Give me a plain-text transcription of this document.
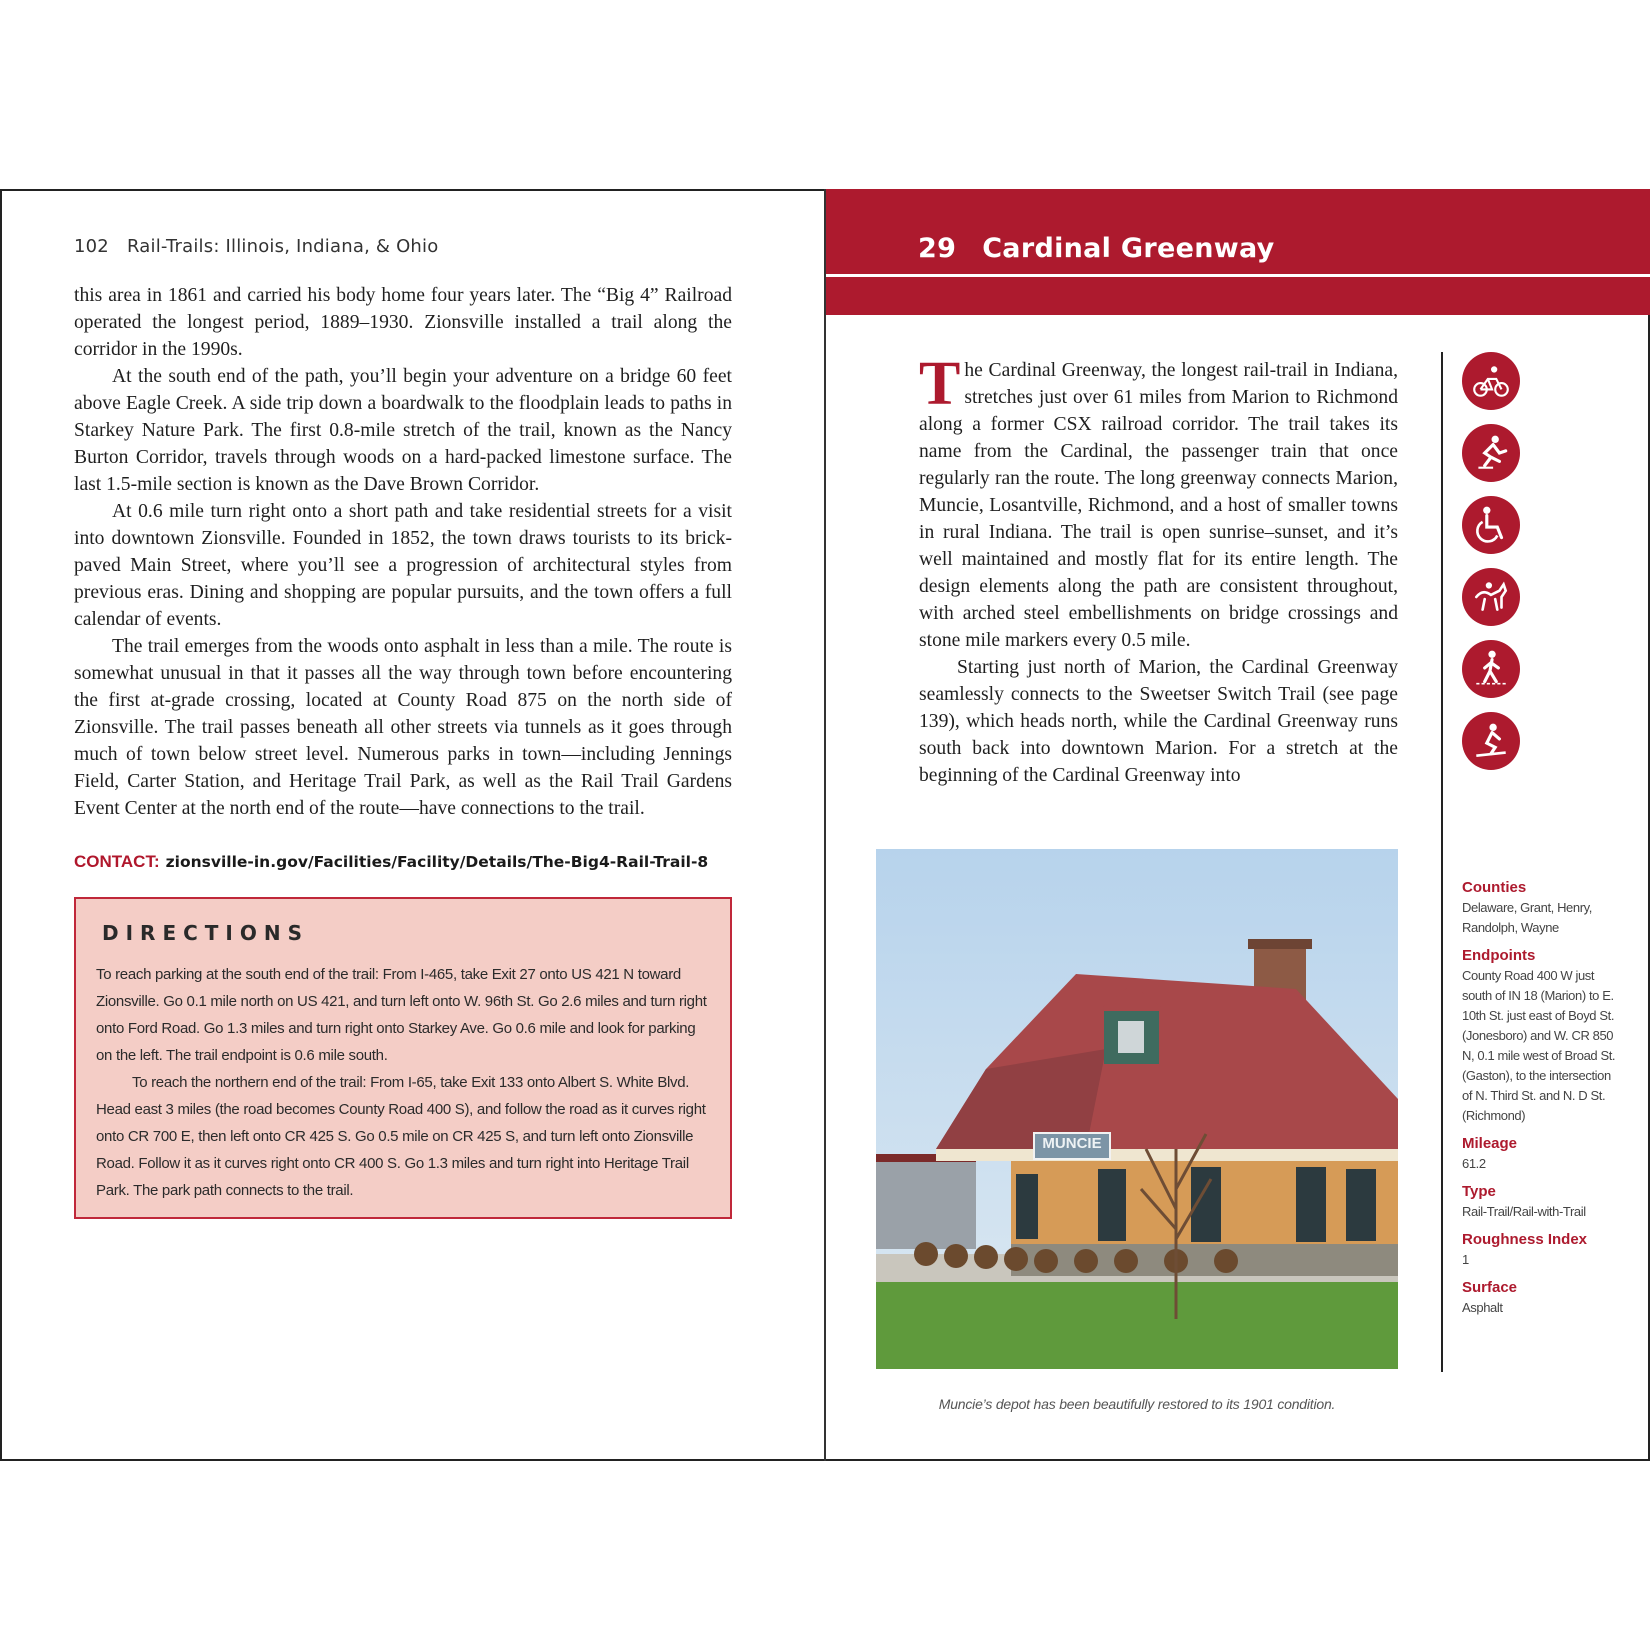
102 Rail-Trails: Illinois, Indiana, & Ohio

this area in 1861 and carried his body home four years later. The “Big 4” Railroad operated the longest period, 1889–1930. Zionsville installed a trail along the corridor in the 1990s.

At the south end of the path, you’ll begin your adventure on a bridge 60 feet above Eagle Creek. A side trip down a boardwalk to the floodplain leads to paths in Starkey Nature Park. The first 0.8-mile stretch of the trail, known as the Nancy Burton Corridor, travels through woods on a hard-packed limestone surface. The last 1.5-mile section is known as the Dave Brown Corridor.

At 0.6 mile turn right onto a short path and take residential streets for a visit into downtown Zionsville. Founded in 1852, the town draws tourists to its brick-paved Main Street, where you’ll see a progression of architectural styles from previous eras. Dining and shopping are popular pursuits, and the town offers a full calendar of events.

The trail emerges from the woods onto asphalt in less than a mile. The route is somewhat unusual in that it passes all the way through town before encountering the first at-grade crossing, located at County Road 875 on the north side of Zionsville. The trail passes beneath all other streets via tunnels as it goes through much of town below street level. Numerous parks in town—including Jennings Field, Carter Station, and Heritage Trail Park, as well as the Rail Trail Gardens Event Center at the north end of the route—have connections to the trail.

CONTACT: zionsville-in.gov/Facilities/Facility/Details/The-Big4-Rail-Trail-8
DIRECTIONS

To reach parking at the south end of the trail: From I-465, take Exit 27 onto US 421 N toward Zionsville. Go 0.1 mile north on US 421, and turn left onto W. 96th St. Go 2.6 miles and turn right onto Ford Road. Go 1.3 miles and turn right onto Starkey Ave. Go 0.6 mile and look for parking on the left. The trail endpoint is 0.6 mile south.

To reach the northern end of the trail: From I-65, take Exit 133 onto Albert S. White Blvd. Head east 3 miles (the road becomes County Road 400 S), and follow the road as it curves right onto CR 700 E, then left onto CR 425 S. Go 0.5 mile on CR 425 S, and turn left onto Zionsville Road. Follow it as it curves right onto CR 400 S. Go 1.3 miles and turn right into Heritage Trail Park. The park path connects to the trail.

29 Cardinal Greenway

The Cardinal Greenway, the longest rail-trail in Indiana, stretches just over 61 miles from Marion to Richmond along a former CSX railroad corridor. The trail takes its name from the Cardinal, the passenger train that once regularly ran the route. The long greenway connects Marion, Muncie, Losantville, Richmond, and a host of smaller towns in rural Indiana. The trail is open sunrise–sunset, and it’s well maintained and mostly flat for its entire length. The design elements along the path are consistent throughout, with arched steel embellishments on bridge crossings and stone mile markers every 0.5 mile.

Starting just north of Marion, the Cardinal Greenway seamlessly connects to the Sweetser Switch Trail (see page 139), which heads north, while the Cardinal Greenway runs south back into downtown Marion. For a stretch at the beginning of the Cardinal Greenway into

MUNCIE
Muncie’s depot has been beautifully restored to its 1901 condition.
Counties
Delaware, Grant, Henry, Randolph, Wayne
Endpoints
County Road 400 W just south of IN 18 (Marion) to E. 10th St. just east of Boyd St. (Jonesboro) and W. CR 850 N, 0.1 mile west of Broad St. (Gaston), to the intersection of N. Third St. and N. D St. (Richmond)
Mileage
61.2
Type
Rail-Trail/Rail-with-Trail
Roughness Index
1
Surface
Asphalt
